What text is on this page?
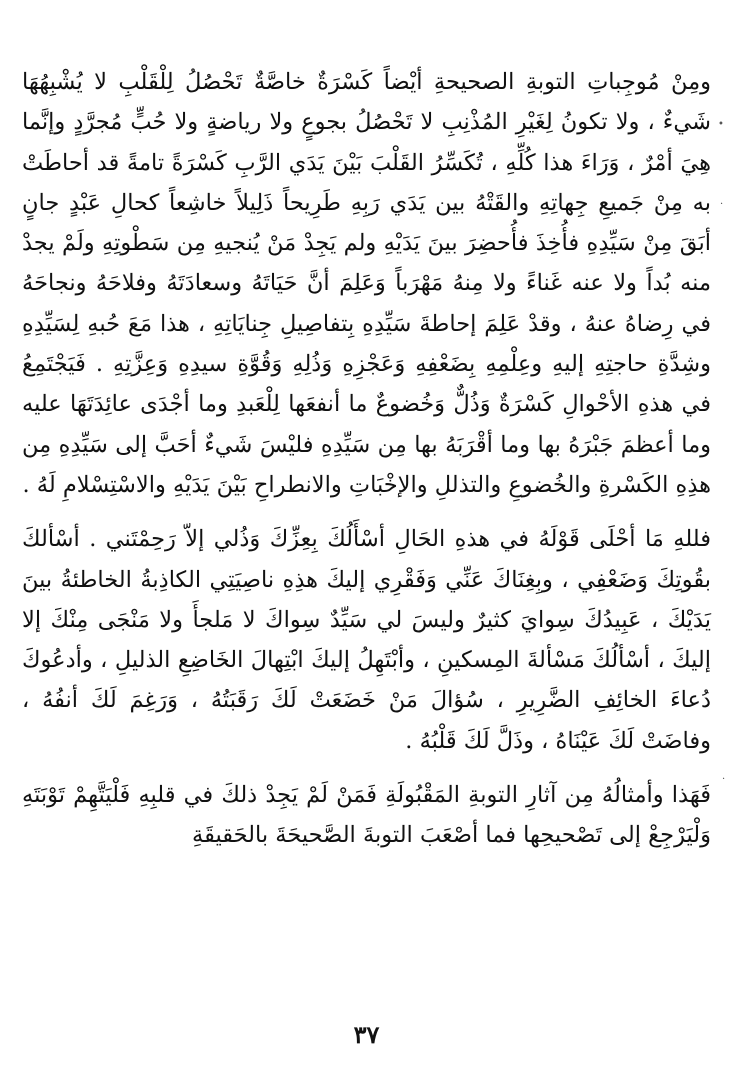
ومِنْ مُوجِباتِ التوبةِ الصحيحةِ أيْضاً كَسْرَةٌ خاصَّةٌ تَحْصُلُ لِلْقَلْبِ لا يُشْبِهُهَا شَيءٌ ، ولا تكونُ لِغَيْرِ المُذْنِبِ لا تَحْصُلُ بجوعٍ ولا رياضةٍ ولا حُبٍّ مُجرَّدٍ وإنَّما هِيَ أمْرٌ ، وَرَاءَ هذا كُلِّهِ ، تُكَسِّرُ القَلْبَ بَيْنَ يَدَي الرَّبِ كَسْرَةً تامةً قد أحاطَتْ به مِنْ جَميعِ جِهاتِهِ والقَتْهُ بين يَدَي رَبِهِ طَرِيحاً ذَلِيلاً خاشِعاً كحالِ عَبْدٍ جانٍ أبَقَ مِنْ سَيِّدِهِ فأُخِذَ فأُحضِرَ بينَ يَدَيْهِ ولم يَجِدْ مَنْ يُنجيهِ مِن سَطْوتِهِ ولَمْ يجدْ منه بُداً ولا عنه غَناءً ولا مِنهُ مَهْرَباً وَعَلِمَ أنَّ حَيَاتَهُ وسعادَتَهُ وفلاحَهُ ونجاحَهُ في رِضاهُ عنهُ ، وقدْ عَلِمَ إحاطةَ سَيِّدِهِ بِتفاصِيلِ جِنايَاتِهِ ، هذا مَعَ حُبهِ لِسَيِّدِهِ وشِدَّةِ حاجتِهِ إليهِ وعِلْمِهِ بِضَعْفِهِ وَعَجْزِهِ وَذُلِهِ وَقُوَّةِ سيدِهِ وَعِزَّتِهِ . فَيَجْتَمِعُ في هذهِ الأحْوالِ كَسْرَةٌ وَذُلٌّ وَخُضوعٌ ما أنفعَها لِلْعَبدِ وما أجْدَى عائِدَتَهَا عليه وما أعظمَ جَبْرَهُ بها وما أقْرَبَهُ بها مِن سَيِّدِهِ فليْسَ شَيءٌ أحَبَّ إلى سَيِّدِهِ مِن هذِهِ الكَسْرةِ والخُضوعِ والتذللِ والإخْبَاتِ والانطراحِ بَيْنَ يَدَيْهِ والاسْتِسْلامِ لَهُ .

فللهِ مَا أحْلَى قَوْلَهُ في هذهِ الحَالِ أسْأَلُكَ بِعِزِّكَ وَذُلي إلاّ رَحِمْتَني . أسْألكَ بقُوتِكَ وَضَعْفِي ، وبِغِنَاكَ عَنِّي وَفَقْرِي إليكَ هذِهِ ناصِيَتِي الكاذِبةُ الخاطئةُ بينَ يَدَيْكَ ، عَبِيدُكَ سِوايَ كثيرٌ وليسَ لي سَيِّدٌ سِواكَ لا مَلجأَ ولا مَنْجَى مِنْكَ إلا إليكَ ، أسْألُكَ مَسْألةَ المِسكينِ ، وأبْتَهِلُ إليكَ ابْتِهالَ الخَاضِعِ الذليلِ ، وأدعُوكَ دُعاءَ الخائِفِ الضَّرِيرِ ، سُؤالَ مَنْ خَضَعَتْ لَكَ رَقَبَتُهُ ، وَرَغِمَ لَكَ أنفُهُ ، وفاضَتْ لَكَ عَيْنَاهُ ، وذَلَّ لَكَ قَلْبُهُ .

فَهَذا وأمثالُهُ مِن آثارِ التوبةِ المَقْبُولَةِ فَمَنْ لَمْ يَجِدْ ذلكَ في قلبِهِ فَلْيَتَّهِمْ تَوْبَتَهِ وَلْيَرْجِعْ إلى تَصْحيحِها فما أصْعَبَ التوبةَ الصَّحيحَةَ بالحَقيقَةِ

•
·
·
٣٧
